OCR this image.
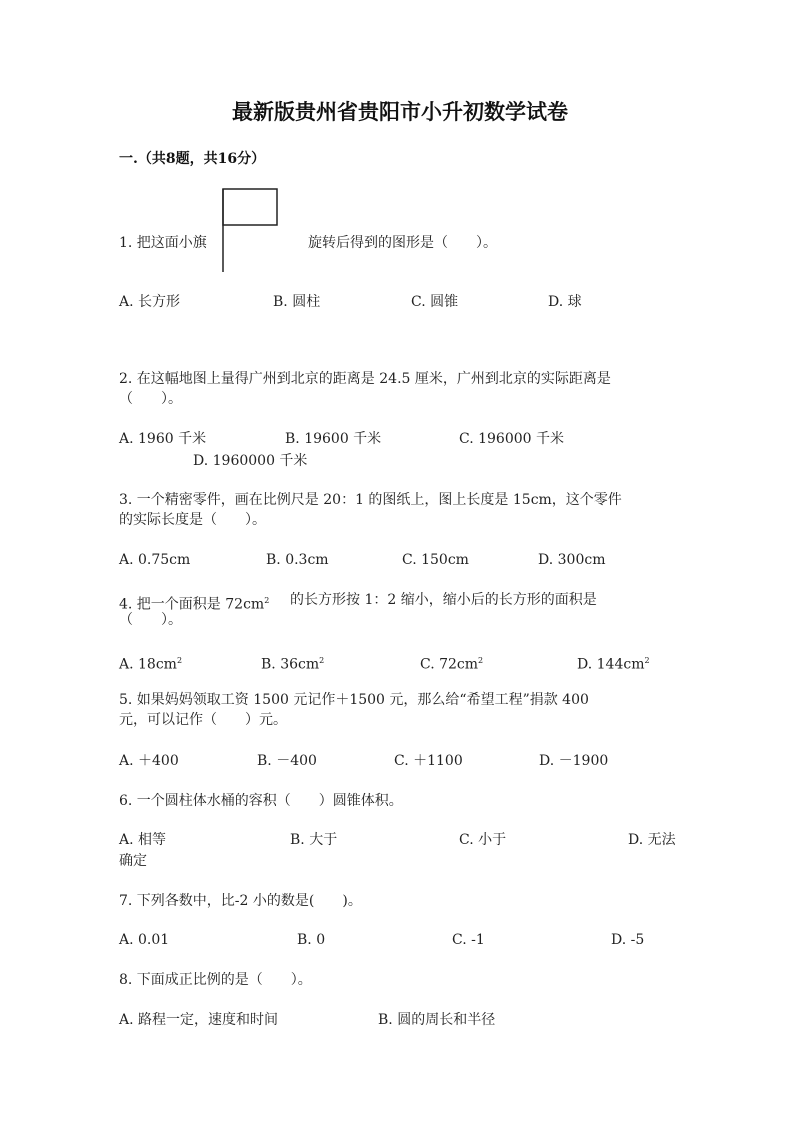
最新版贵州省贵阳市小升初数学试卷
一.（共8题，共16分）
1. 把这面小旗	旋转后得到的图形是（　　）。
A. 长方形	B. 圆柱	C. 圆锥	D. 球
2. 在这幅地图上量得广州到北京的距离是 24.5 厘米，广州到北京的实际距离是
（　　）。
A. 1960 千米	B. 19600 千米	C. 196000 千米
D. 1960000 千米
3. 一个精密零件，画在比例尺是 20：1 的图纸上，图上长度是 15cm，这个零件
的实际长度是（　　）。
A. 0.75cm	B. 0.3cm	C. 150cm	D. 300cm
4. 把一个面积是 $72cm^2$ 的长方形按 1：2 缩小，缩小后的长方形的面积是
（　　）。
A. $18cm^2$	B. $36cm^2$	C. $72cm^2$	D. $144cm^2$
5. 如果妈妈领取工资 1500 元记作＋1500 元，那么给“希望工程”捐款 400
元，可以记作（　　）元。
A. ＋400	B. －400	C. ＋1100	D. －1900
6. 一个圆柱体水桶的容积（　　）圆锥体积。
A. 相等	B. 大于	C. 小于	D. 无法
确定
7. 下列各数中，比-2 小的数是(　　)。
A. 0.01	B. 0	C. -1	D. -5
8. 下面成正比例的是（　　）。
A. 路程一定，速度和时间	B. 圆的周长和半径
